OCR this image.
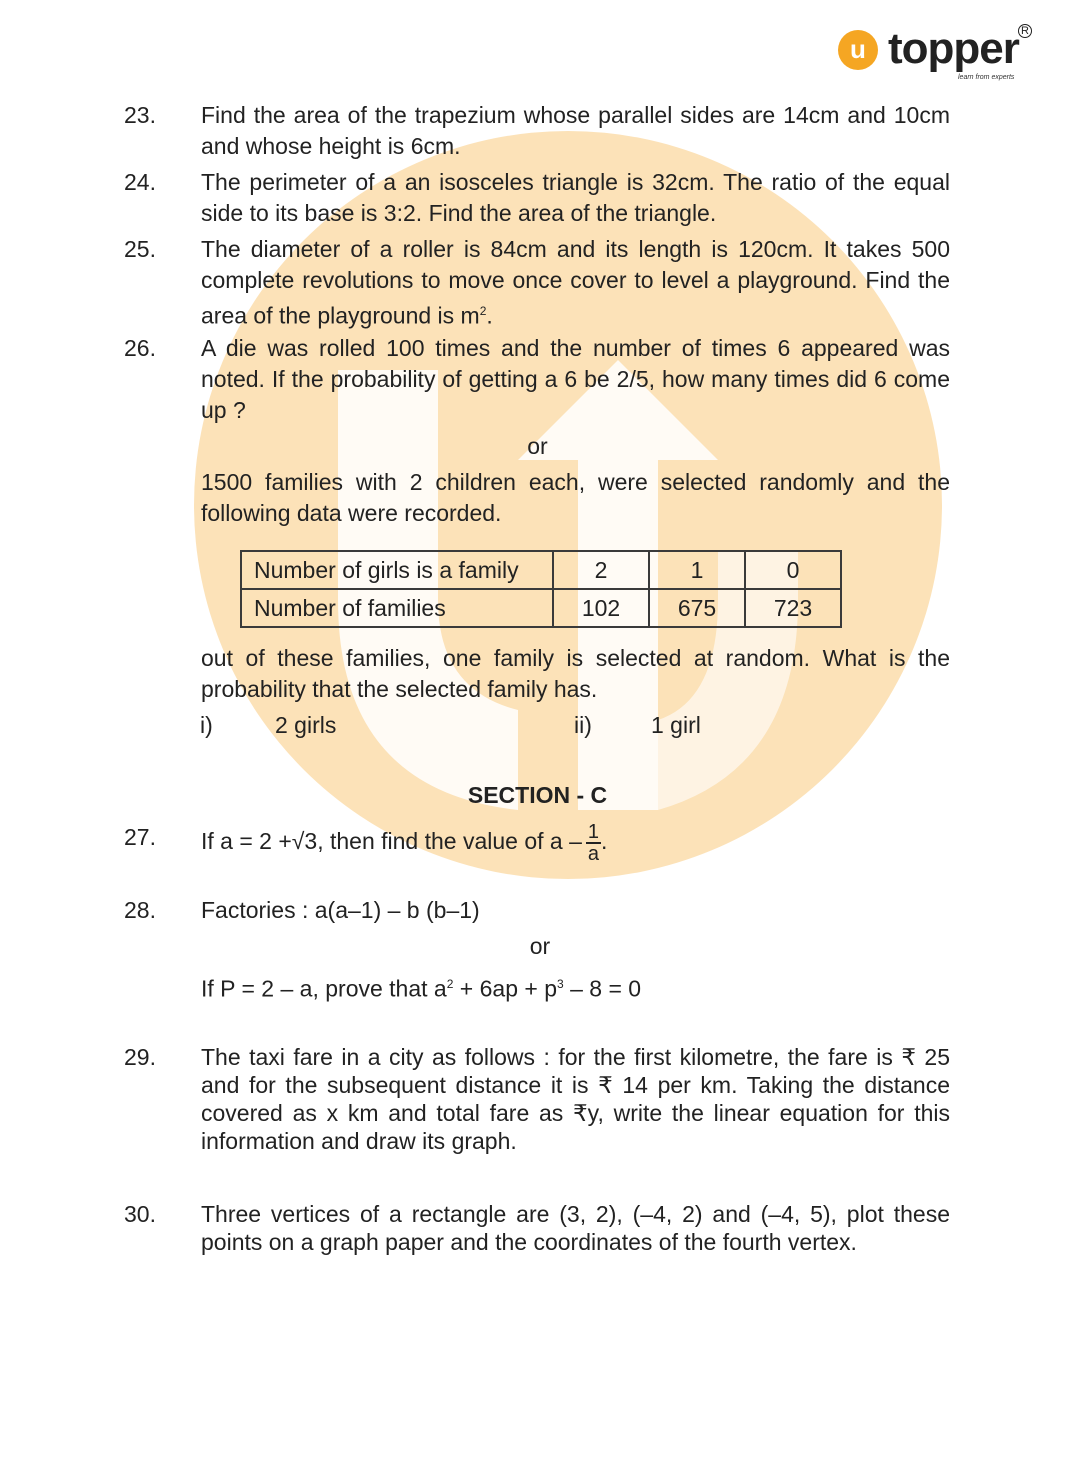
u topper R
learn from experts
23.	Find the area of the trapezium whose parallel sides are 14cm and 10cm and whose height is 6cm.
24.	The perimeter of a an isosceles triangle is 32cm. The ratio of the equal side to its base is 3:2. Find the area of the triangle.
25.	The diameter of a roller is 84cm and its length is 120cm. It takes 500 complete revolutions to move once cover to level a playground. Find the area of the playground is $m^2$.
26.	A die was rolled 100 times and the number of times 6 appeared was noted. If the probability of getting a 6 be 2/5, how many times did 6 come up ?
or
1500 families with 2 children each, were selected randomly and the following data were recorded.
Number of girls is a family	2	1	0
Number of families	102	675	723
out of these families, one family is selected at random. What is the probability that the selected family has.
i)	2 girls	ii)	1 girl
SECTION - C
27.	If a = 2 +√3, then find the value of a – $\frac{1}{a}$ .
28.	Factories : a(a–1) – b (b–1)
or
If P = 2 – a, prove that $a^2 + 6ap + p^3 - 8 = 0$
29.	The taxi fare in a city as follows : for the first kilometre, the fare is ₹ 25 and for the subsequent distance it is ₹ 14 per km. Taking the distance covered as x km and total fare as ₹y, write the linear equation for this information and draw its graph.
30.	Three vertices of a rectangle are (3, 2), (–4, 2) and (–4, 5), plot these points on a graph paper and the coordinates of the fourth vertex.
